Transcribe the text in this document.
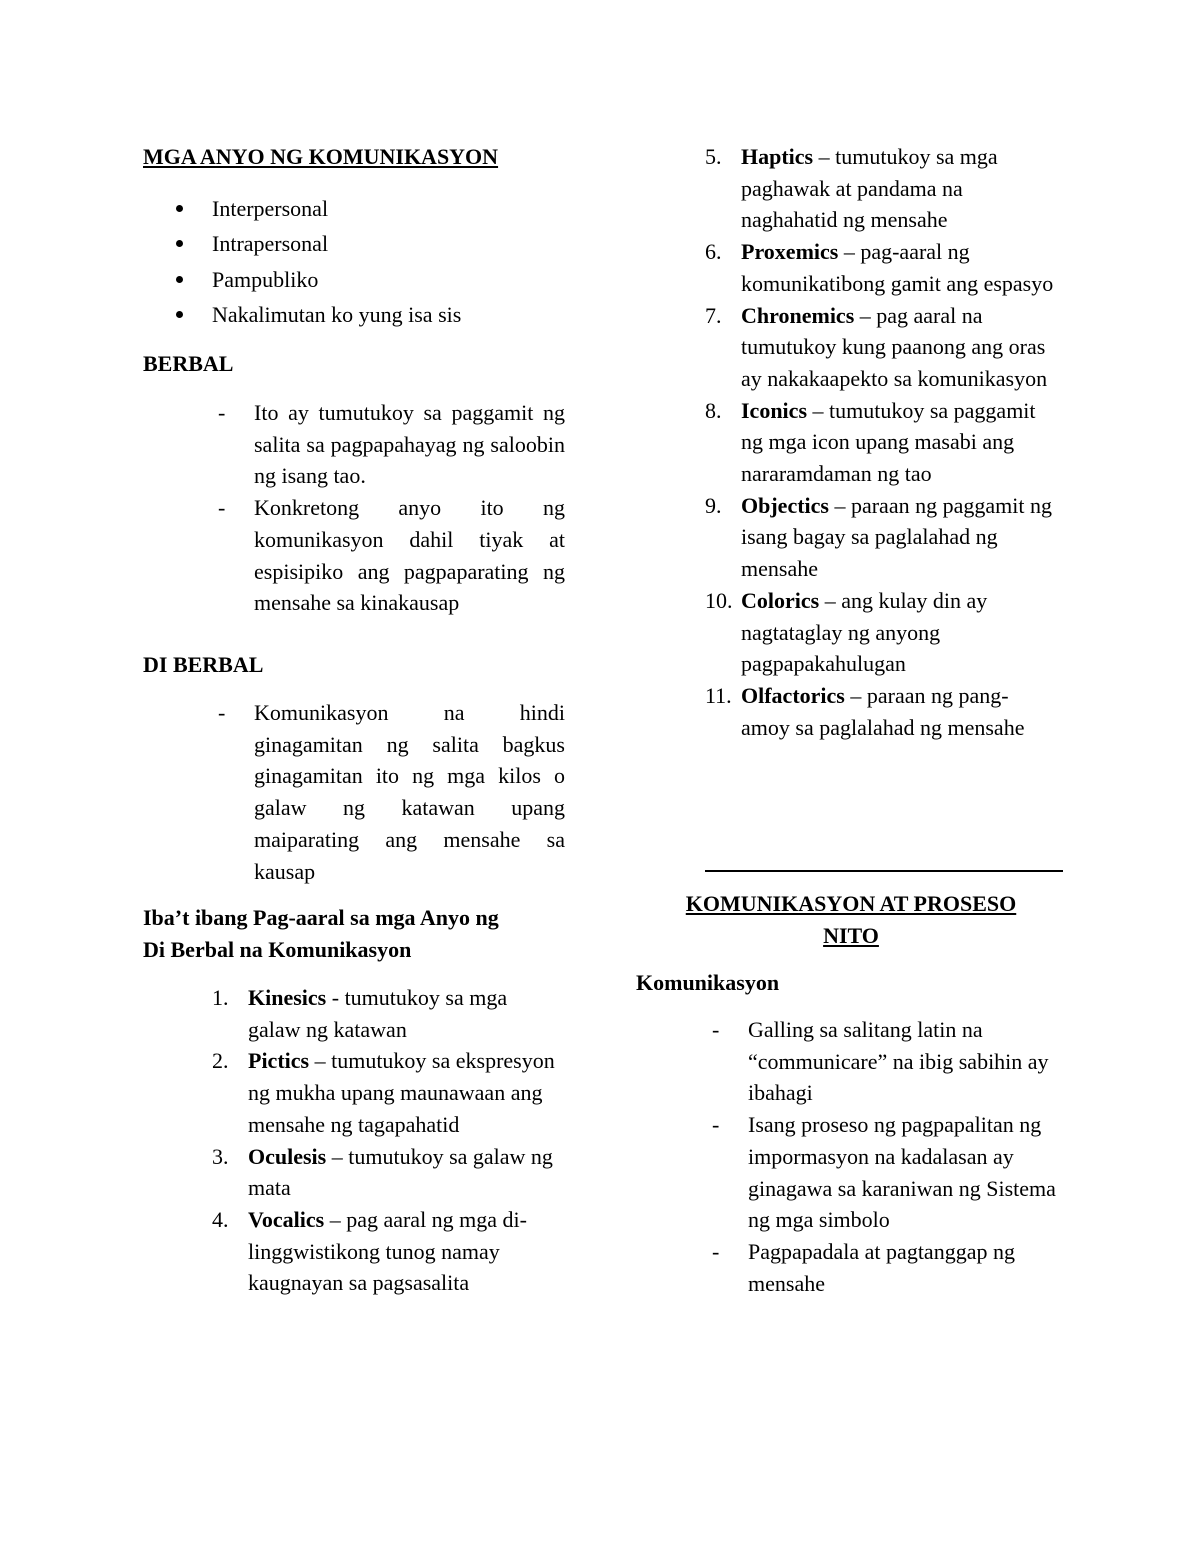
MGA ANYO NG KOMUNIKASYON
Interpersonal
Intrapersonal
Pampubliko
Nakalimutan ko yung isa sis
BERBAL
- Ito ay tumutukoy sa paggamit ng salita sa pagpapahayag ng saloobin ng isang tao.
- Konkretong anyo ito ng komunikasyon dahil tiyak at espisipiko ang pagpaparating ng mensahe sa kinakausap
DI BERBAL
- Komunikasyon na hindi ginagamitan ng salita bagkus ginagamitan ito ng mga kilos o galaw ng katawan upang maiparating ang mensahe sa kausap
Iba’t ibang Pag-aaral sa mga Anyo ng
Di Berbal na Komunikasyon
1. Kinesics - tumutukoy sa mga galaw ng katawan
2. Pictics – tumutukoy sa ekspresyon ng mukha upang maunawaan ang mensahe ng tagapahatid
3. Oculesis – tumutukoy sa galaw ng mata
4. Vocalics – pag aaral ng mga di-linggwistikong tunog namay kaugnayan sa pagsasalita
5. Haptics – tumutukoy sa mga paghawak at pandama na naghahatid ng mensahe
6. Proxemics – pag-aaral ng komunikatibong gamit ang espasyo
7. Chronemics – pag aaral na tumutukoy kung paanong ang oras ay nakakaapekto sa komunikasyon
8. Iconics – tumutukoy sa paggamit ng mga icon upang masabi ang nararamdaman ng tao
9. Objectics – paraan ng paggamit ng isang bagay sa paglalahad ng mensahe
10. Colorics – ang kulay din ay nagtataglay ng anyong pagpapakahulugan
11. Olfactorics – paraan ng pang-amoy sa paglalahad ng mensahe
KOMUNIKASYON AT PROSESO
NITO
Komunikasyon
- Galling sa salitang latin na “communicare” na ibig sabihin ay ibahagi
- Isang proseso ng pagpapalitan ng impormasyon na kadalasan ay ginagawa sa karaniwan ng Sistema ng mga simbolo
- Pagpapadala at pagtanggap ng mensahe
